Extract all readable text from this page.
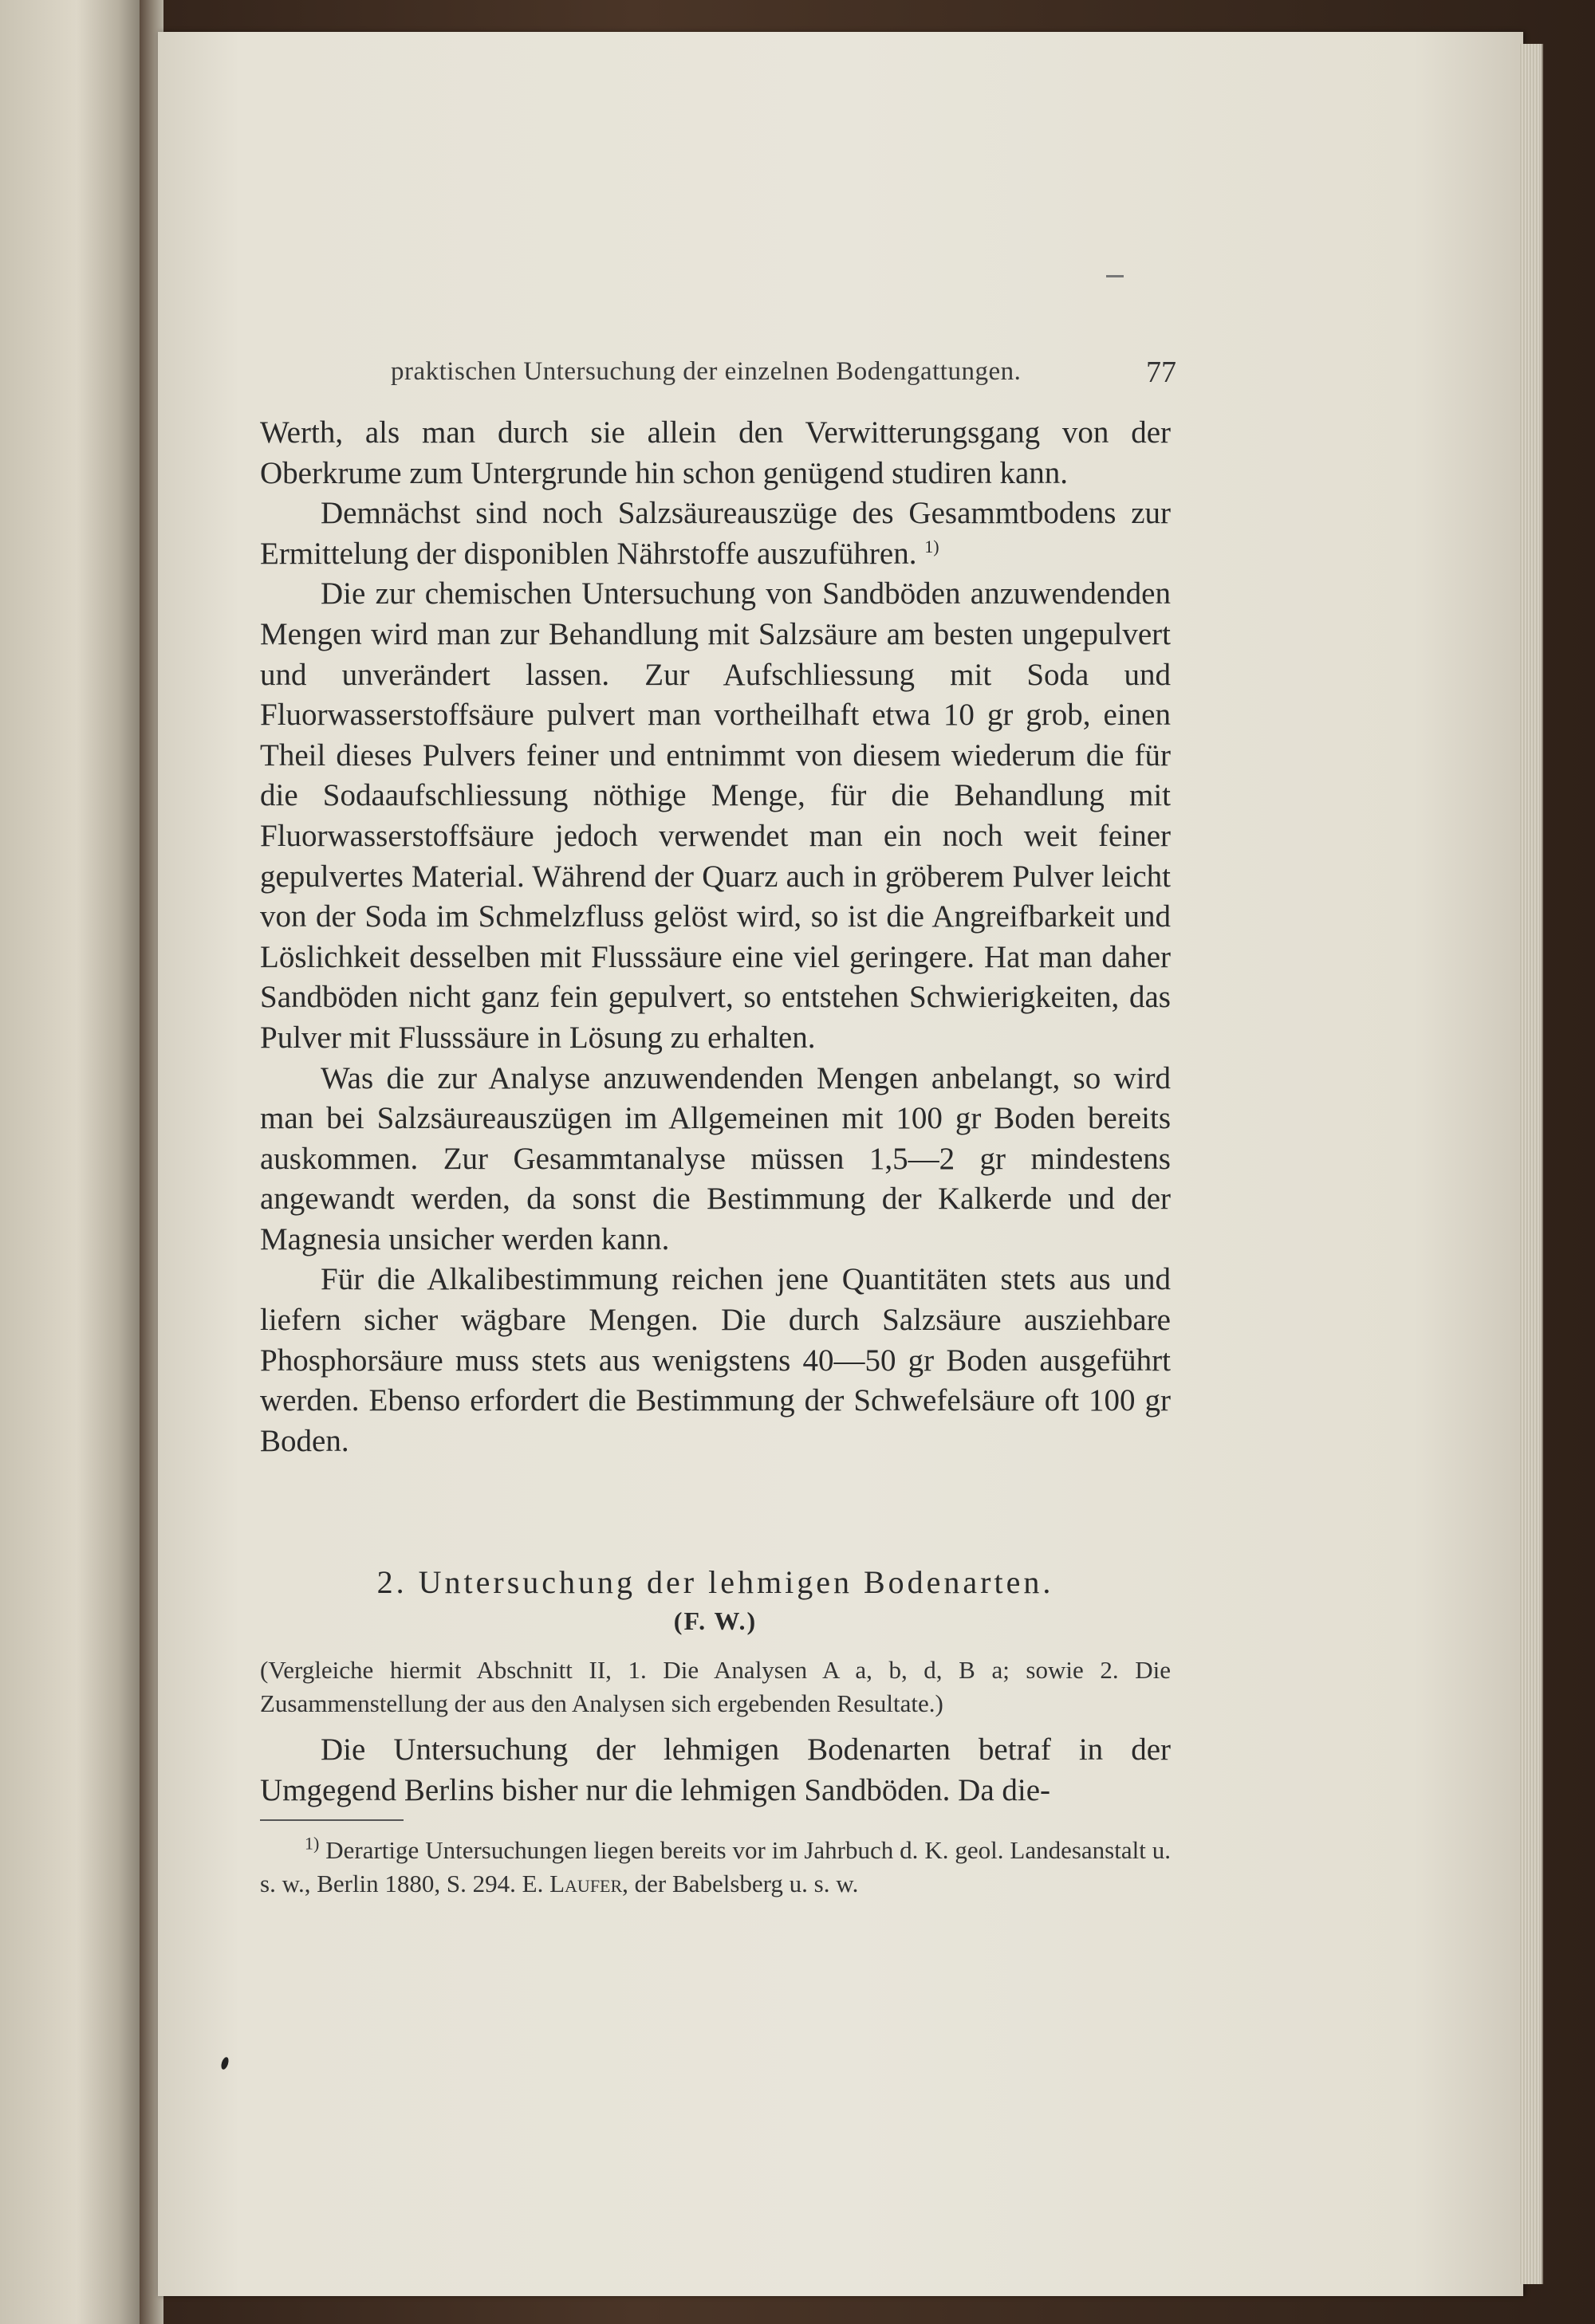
praktischen Untersuchung der einzelnen Bodengattungen.	77

Werth, als man durch sie allein den Verwitterungsgang von der Oberkrume zum Untergrunde hin schon genügend studiren kann.

Demnächst sind noch Salzsäureauszüge des Gesammtbodens zur Ermittelung der disponiblen Nährstoffe auszuführen. $^{1)}$

Die zur chemischen Untersuchung von Sandböden anzuwendenden Mengen wird man zur Behandlung mit Salzsäure am besten ungepulvert und unverändert lassen. Zur Aufschliessung mit Soda und Fluorwasserstoffsäure pulvert man vortheilhaft etwa 10 gr grob, einen Theil dieses Pulvers feiner und entnimmt von diesem wiederum die für die Sodaaufschliessung nöthige Menge, für die Behandlung mit Fluorwasserstoffsäure jedoch verwendet man ein noch weit feiner gepulvertes Material. Während der Quarz auch in gröberem Pulver leicht von der Soda im Schmelzfluss gelöst wird, so ist die Angreifbarkeit und Löslichkeit desselben mit Flusssäure eine viel geringere. Hat man daher Sandböden nicht ganz fein gepulvert, so entstehen Schwierigkeiten, das Pulver mit Flusssäure in Lösung zu erhalten.

Was die zur Analyse anzuwendenden Mengen anbelangt, so wird man bei Salzsäureauszügen im Allgemeinen mit 100 gr Boden bereits auskommen. Zur Gesammtanalyse müssen 1,5—2 gr mindestens angewandt werden, da sonst die Bestimmung der Kalkerde und der Magnesia unsicher werden kann.

Für die Alkalibestimmung reichen jene Quantitäten stets aus und liefern sicher wägbare Mengen. Die durch Salzsäure ausziehbare Phosphorsäure muss stets aus wenigstens 40—50 gr Boden ausgeführt werden. Ebenso erfordert die Bestimmung der Schwefelsäure oft 100 gr Boden.

2. Untersuchung der lehmigen Bodenarten.

(F. W.)

(Vergleiche hiermit Abschnitt II, 1. Die Analysen A a, b, d, B a; sowie 2. Die Zusammenstellung der aus den Analysen sich ergebenden Resultate.)

Die Untersuchung der lehmigen Bodenarten betraf in der Umgegend Berlins bisher nur die lehmigen Sandböden. Da die-

$^{1)}$ Derartige Untersuchungen liegen bereits vor im Jahrbuch d. K. geol. Landesanstalt u. s. w., Berlin 1880, S. 294. E. Laufer, der Babelsberg u. s. w.
